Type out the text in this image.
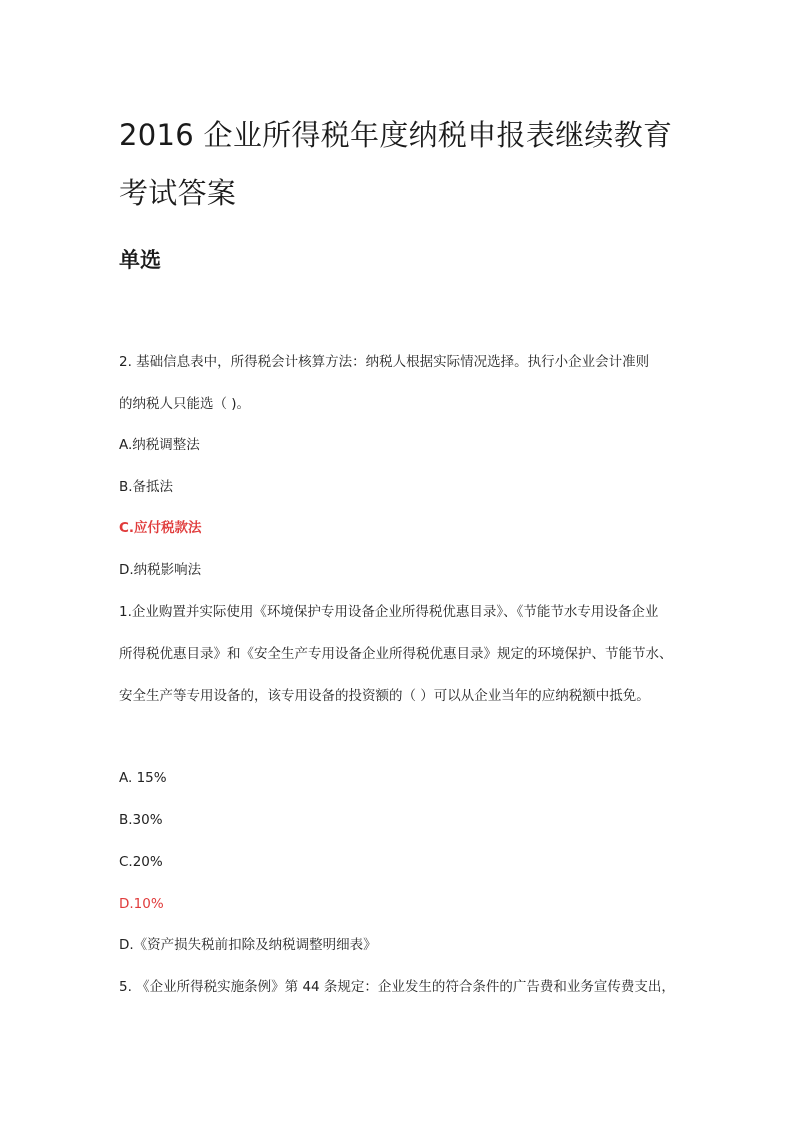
2016 企业所得税年度纳税申报表继续教育
考试答案
单选
2. 基础信息表中，所得税会计核算方法：纳税人根据实际情况选择。执行小企业会计准则
的纳税人只能选（ )。
A.纳税调整法
B.备抵法
C.应付税款法
D.纳税影响法
1.企业购置并实际使用《环境保护专用设备企业所得税优惠目录》、《节能节水专用设备企业
所得税优惠目录》和《安全生产专用设备企业所得税优惠目录》规定的环境保护、节能节水、
安全生产等专用设备的，该专用设备的投资额的（ ）可以从企业当年的应纳税额中抵免。
A. 15%
B.30%
C.20%
D.10%
D.《资产损失税前扣除及纳税调整明细表》
5. 《企业所得税实施条例》第 44 条规定：企业发生的符合条件的广告费和业务宣传费支出，
